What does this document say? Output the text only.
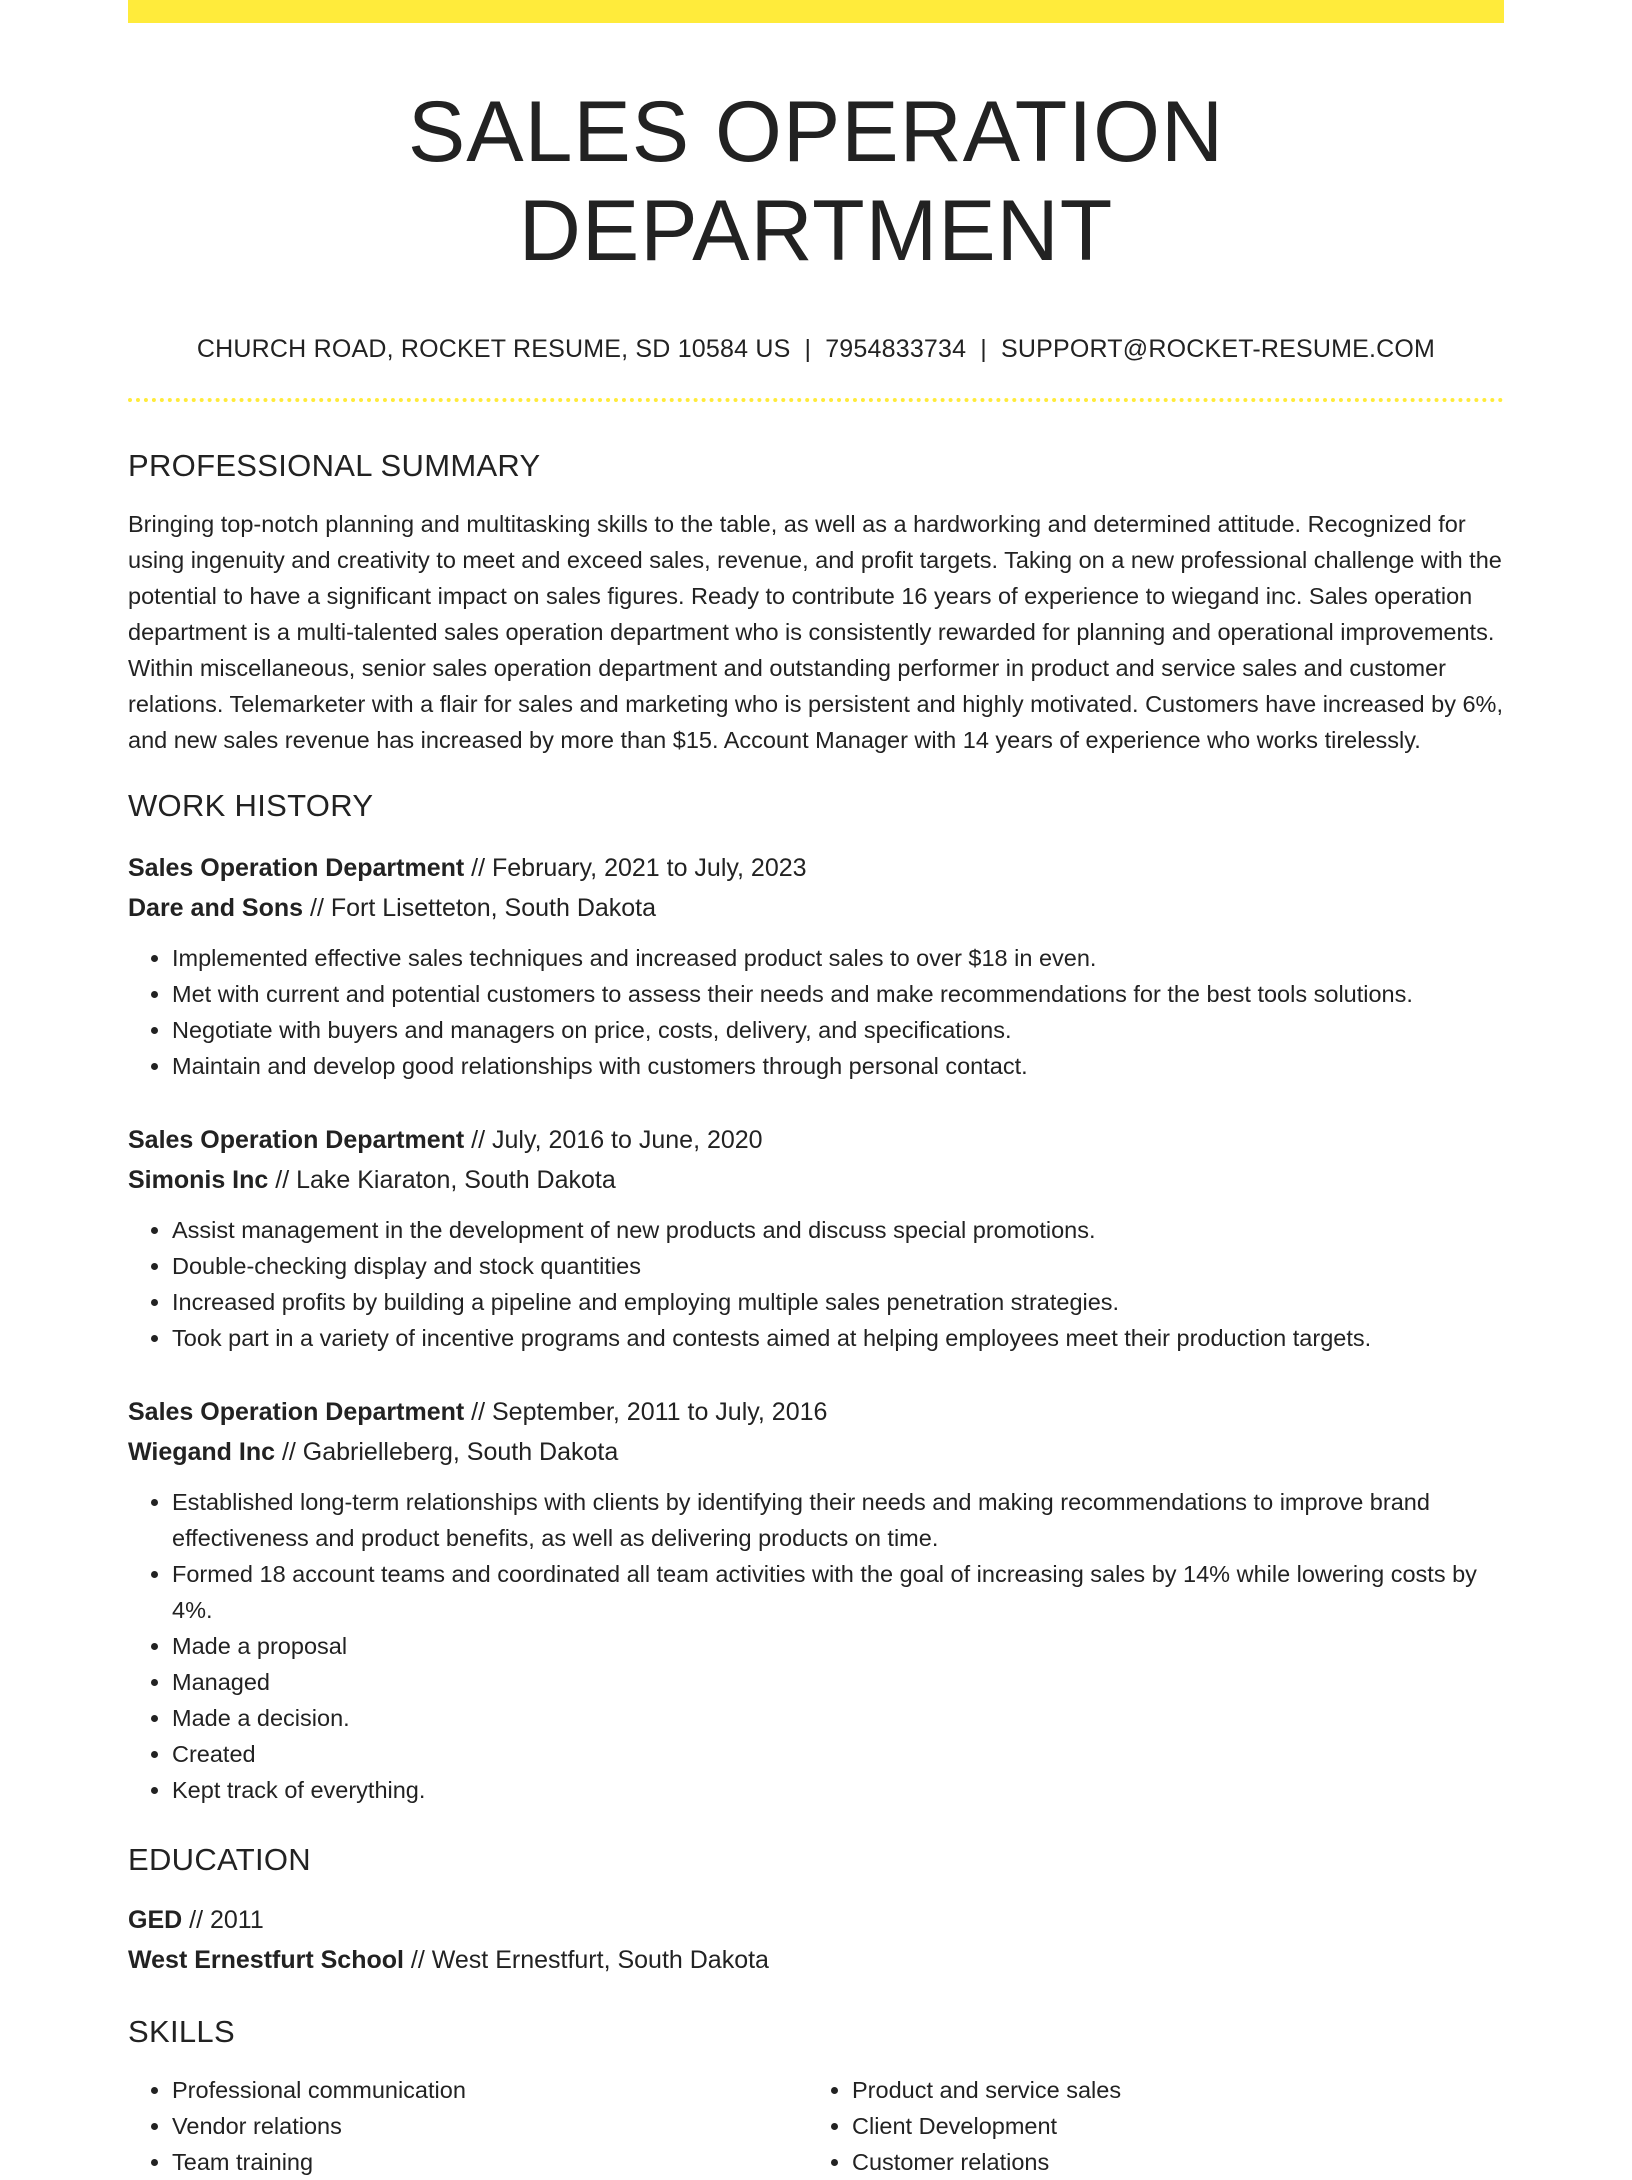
SALES OPERATION DEPARTMENT
CHURCH ROAD, ROCKET RESUME, SD 10584 US | 7954833734 | SUPPORT@ROCKET-RESUME.COM
PROFESSIONAL SUMMARY
Bringing top-notch planning and multitasking skills to the table, as well as a hardworking and determined attitude. Recognized for using ingenuity and creativity to meet and exceed sales, revenue, and profit targets. Taking on a new professional challenge with the potential to have a significant impact on sales figures. Ready to contribute 16 years of experience to wiegand inc. Sales operation department is a multi-talented sales operation department who is consistently rewarded for planning and operational improvements. Within miscellaneous, senior sales operation department and outstanding performer in product and service sales and customer relations. Telemarketer with a flair for sales and marketing who is persistent and highly motivated. Customers have increased by 6%, and new sales revenue has increased by more than $15. Account Manager with 14 years of experience who works tirelessly.
WORK HISTORY
Sales Operation Department // February, 2021 to July, 2023
Dare and Sons // Fort Lisetteton, South Dakota
• Implemented effective sales techniques and increased product sales to over $18 in even.
• Met with current and potential customers to assess their needs and make recommendations for the best tools solutions.
• Negotiate with buyers and managers on price, costs, delivery, and specifications.
• Maintain and develop good relationships with customers through personal contact.
Sales Operation Department // July, 2016 to June, 2020
Simonis Inc // Lake Kiaraton, South Dakota
• Assist management in the development of new products and discuss special promotions.
• Double-checking display and stock quantities
• Increased profits by building a pipeline and employing multiple sales penetration strategies.
• Took part in a variety of incentive programs and contests aimed at helping employees meet their production targets.
Sales Operation Department // September, 2011 to July, 2016
Wiegand Inc // Gabrielleberg, South Dakota
• Established long-term relationships with clients by identifying their needs and making recommendations to improve brand effectiveness and product benefits, as well as delivering products on time.
• Formed 18 account teams and coordinated all team activities with the goal of increasing sales by 14% while lowering costs by 4%.
• Made a proposal
• Managed
• Made a decision.
• Created
• Kept track of everything.
EDUCATION
GED // 2011
West Ernestfurt School // West Ernestfurt, South Dakota
SKILLS
• Professional communication
• Vendor relations
• Team training
• Product and service sales
• Client Development
• Customer relations
